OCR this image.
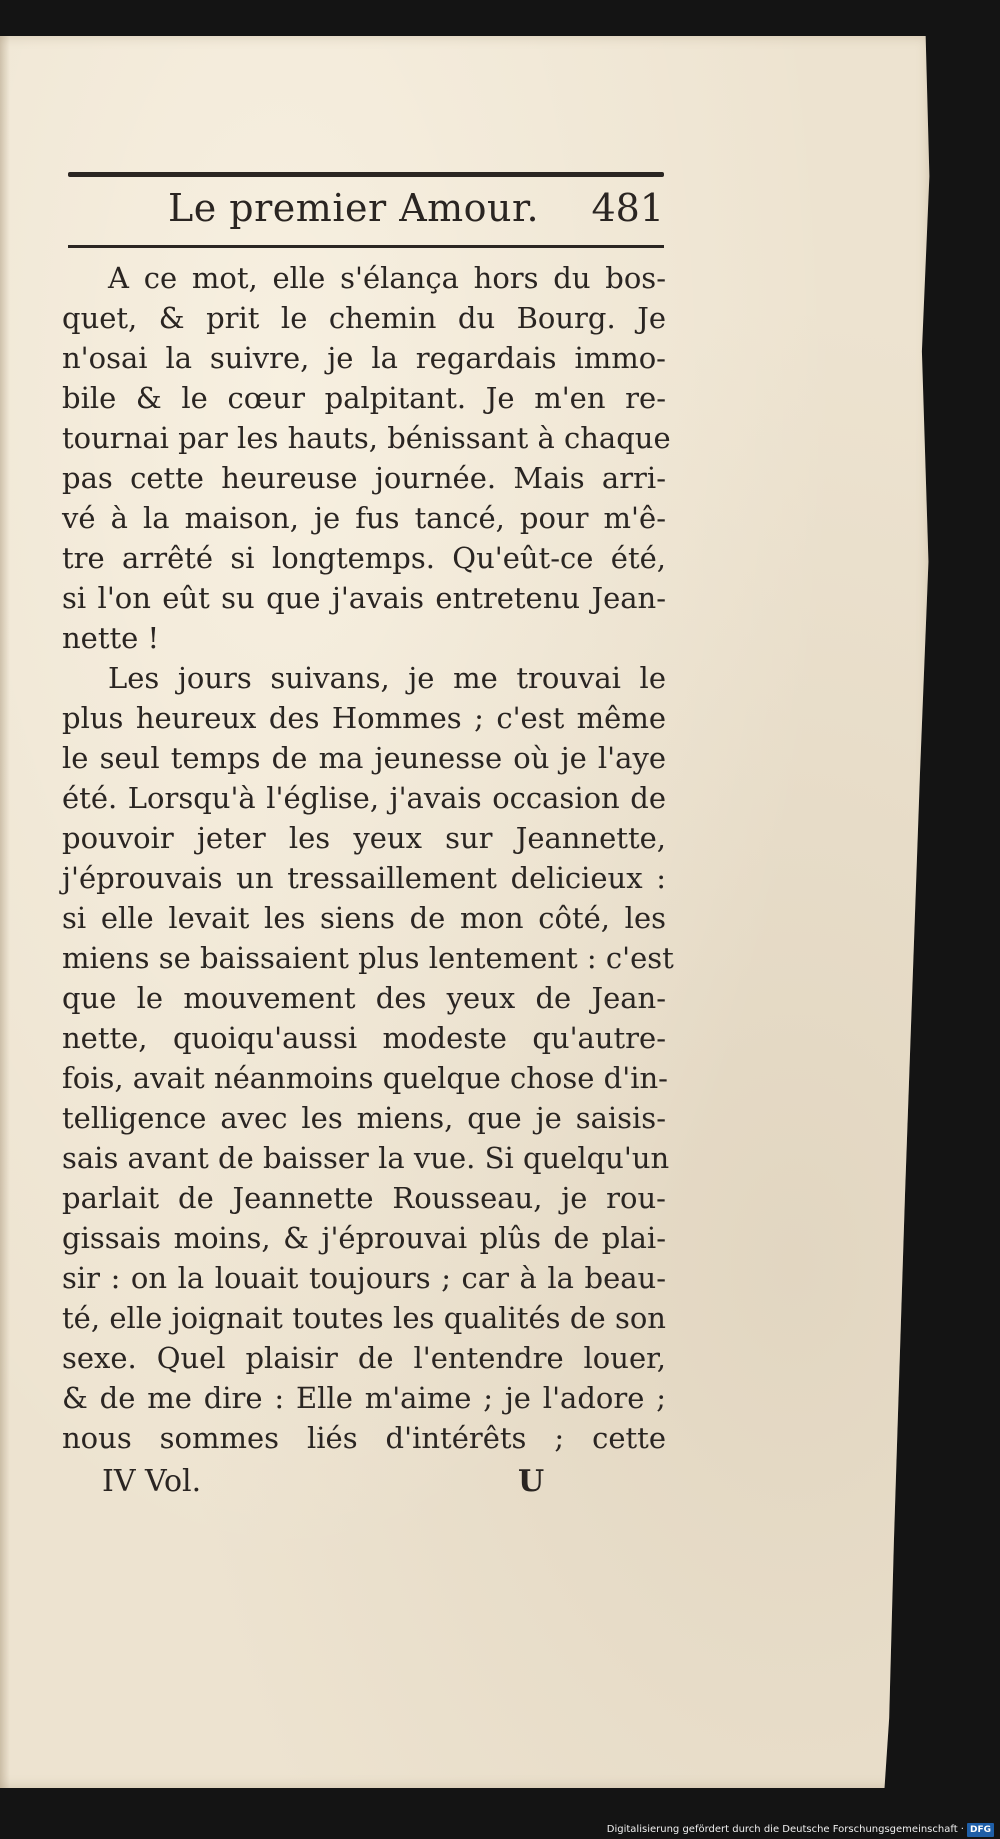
Le premier Amour. 481
A ce mot, elle s'élança hors du bos-
quet, & prit le chemin du Bourg. Je
n'osai la suivre, je la regardais immo-
bile & le cœur palpitant. Je m'en re-
tournai par les hauts, bénissant à chaque
pas cette heureuse journée. Mais arri-
vé à la maison, je fus tancé, pour m'ê-
tre arrêté si longtemps. Qu'eût-ce été,
si l'on eût su que j'avais entretenu Jean-
nette !
Les jours suivans, je me trouvai le
plus heureux des Hommes ; c'est même
le seul temps de ma jeunesse où je l'aye
été. Lorsqu'à l'église, j'avais occasion de
pouvoir jeter les yeux sur Jeannette,
j'éprouvais un tressaillement delicieux :
si elle levait les siens de mon côté, les
miens se baissaient plus lentement : c'est
que le mouvement des yeux de Jean-
nette, quoiqu'aussi modeste qu'autre-
fois, avait néanmoins quelque chose d'in-
telligence avec les miens, que je saisis-
sais avant de baisser la vue. Si quelqu'un
parlait de Jeannette Rousseau, je rou-
gissais moins, & j'éprouvai plûs de plai-
sir : on la louait toujours ; car à la beau-
té, elle joignait toutes les qualités de son
sexe. Quel plaisir de l'entendre louer,
& de me dire : Elle m'aime ; je l'adore ;
nous sommes liés d'intérêts ; cette
IV Vol.	U
Digitalisierung gefördert durch die Deutsche Forschungsgemeinschaft · DFG
